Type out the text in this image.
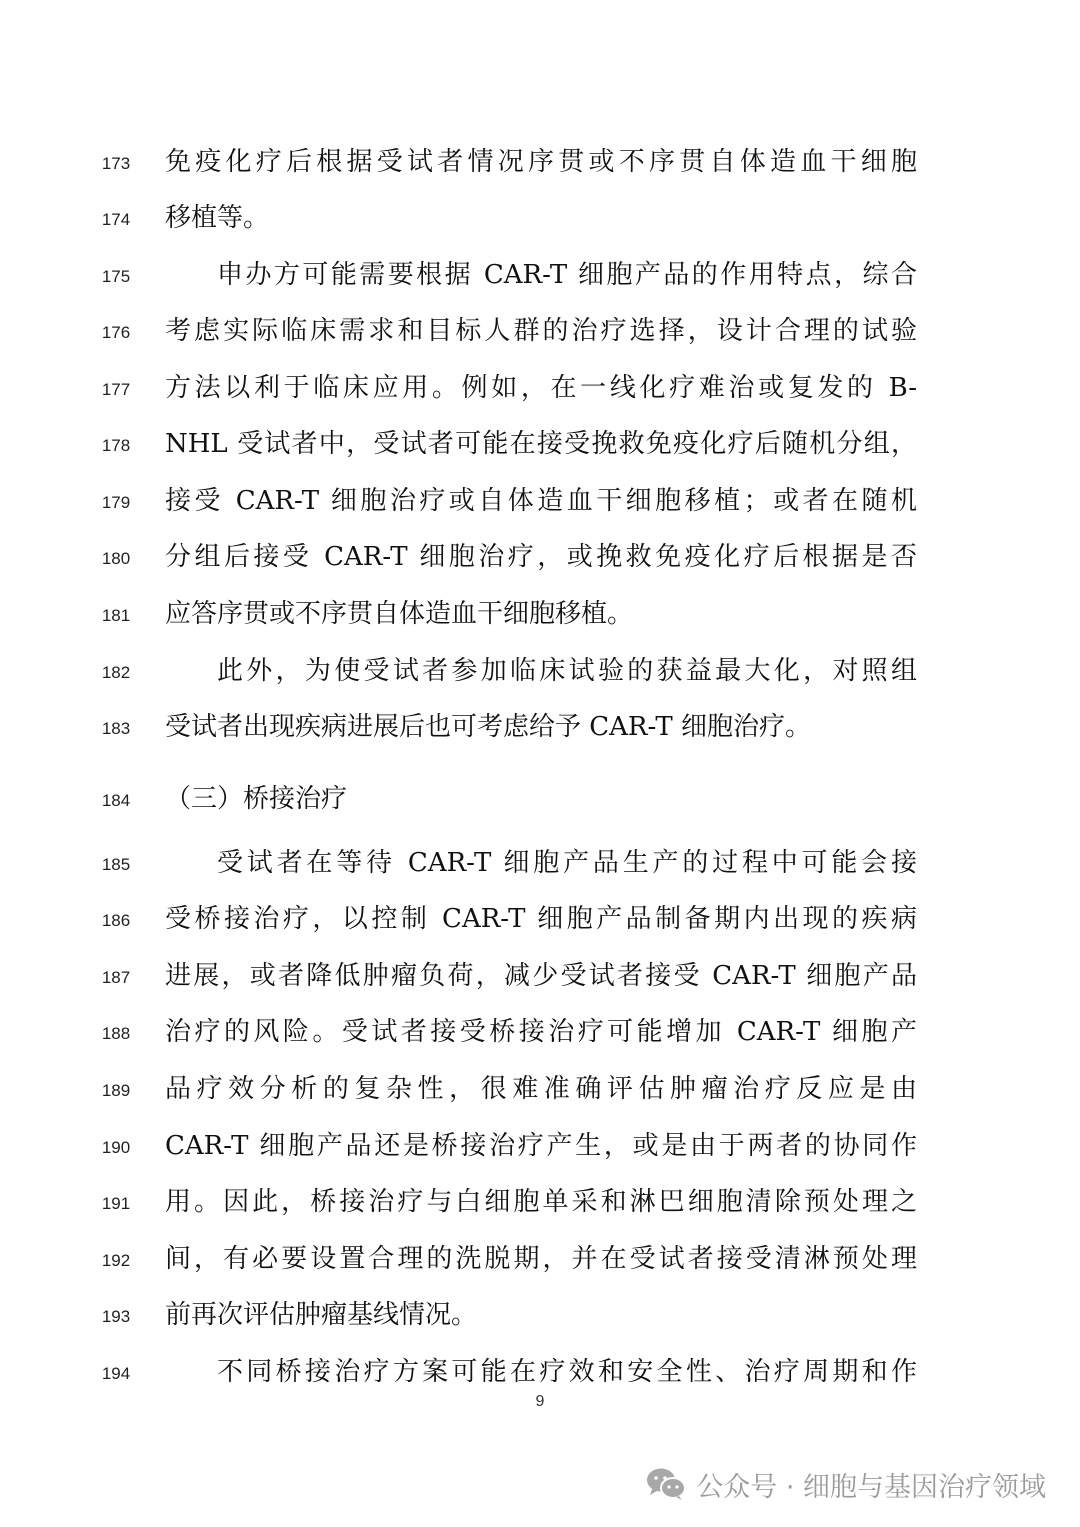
173	免疫化疗后根据受试者情况序贯或不序贯自体造血干细胞
174	移植等。
175	申办方可能需要根据 CAR-T 细胞产品的作用特点，综合
176	考虑实际临床需求和目标人群的治疗选择，设计合理的试验
177	方法以利于临床应用。例如，在一线化疗难治或复发的 B-
178	NHL 受试者中，受试者可能在接受挽救免疫化疗后随机分组，
179	接受 CAR-T 细胞治疗或自体造血干细胞移植；或者在随机
180	分组后接受 CAR-T 细胞治疗，或挽救免疫化疗后根据是否
181	应答序贯或不序贯自体造血干细胞移植。
182	此外，为使受试者参加临床试验的获益最大化，对照组
183	受试者出现疾病进展后也可考虑给予 CAR-T 细胞治疗。
184	（三）桥接治疗
185	受试者在等待 CAR-T 细胞产品生产的过程中可能会接
186	受桥接治疗，以控制 CAR-T 细胞产品制备期内出现的疾病
187	进展，或者降低肿瘤负荷，减少受试者接受 CAR-T 细胞产品
188	治疗的风险。受试者接受桥接治疗可能增加 CAR-T 细胞产
189	品疗效分析的复杂性，很难准确评估肿瘤治疗反应是由
190	CAR-T 细胞产品还是桥接治疗产生，或是由于两者的协同作
191	用。因此，桥接治疗与白细胞单采和淋巴细胞清除预处理之
192	间，有必要设置合理的洗脱期，并在受试者接受清淋预处理
193	前再次评估肿瘤基线情况。
194	不同桥接治疗方案可能在疗效和安全性、治疗周期和作
9
公众号 · 细胞与基因治疗领域
